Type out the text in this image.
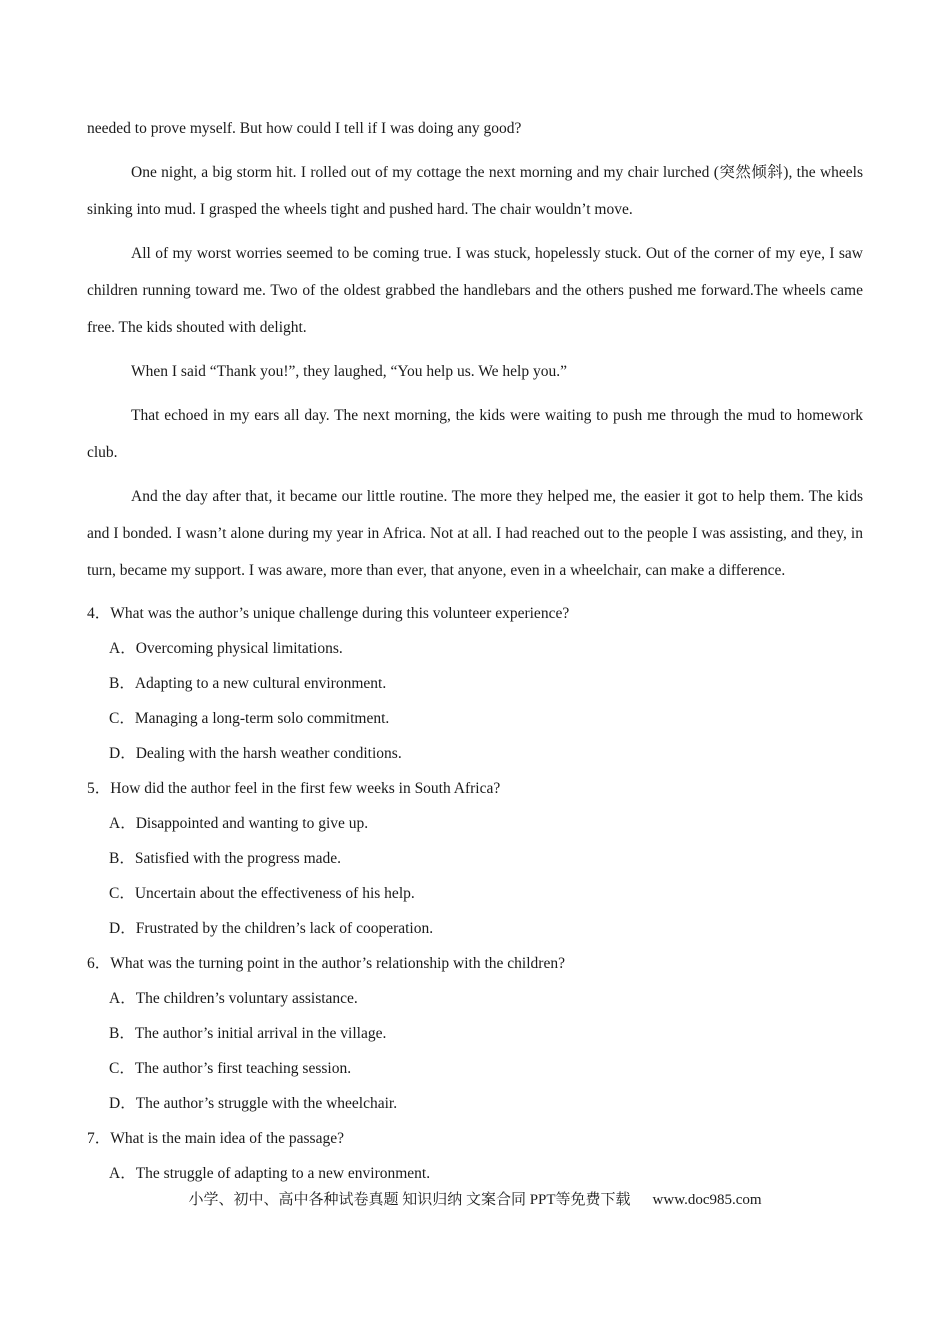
needed to prove myself. But how could I tell if I was doing any good?

One night, a big storm hit. I rolled out of my cottage the next morning and my chair lurched (突然倾斜), the wheels sinking into mud. I grasped the wheels tight and pushed hard. The chair wouldn’t move.

All of my worst worries seemed to be coming true. I was stuck, hopelessly stuck. Out of the corner of my eye, I saw children running toward me. Two of the oldest grabbed the handlebars and the others pushed me forward.The wheels came free. The kids shouted with delight.

When I said “Thank you!”, they laughed, “You help us. We help you.”

That echoed in my ears all day. The next morning, the kids were waiting to push me through the mud to homework club.

And the day after that, it became our little routine. The more they helped me, the easier it got to help them. The kids and I bonded. I wasn’t alone during my year in Africa. Not at all. I had reached out to the people I was assisting, and they, in turn, became my support. I was aware, more than ever, that anyone, even in a wheelchair, can make a difference.

4．What was the author’s unique challenge during this volunteer experience?

A．Overcoming physical limitations.

B．Adapting to a new cultural environment.

C．Managing a long-term solo commitment.

D．Dealing with the harsh weather conditions.

5．How did the author feel in the first few weeks in South Africa?

A．Disappointed and wanting to give up.

B．Satisfied with the progress made.

C．Uncertain about the effectiveness of his help.

D．Frustrated by the children’s lack of cooperation.

6．What was the turning point in the author’s relationship with the children?

A．The children’s voluntary assistance.

B．The author’s initial arrival in the village.

C．The author’s first teaching session.

D．The author’s struggle with the wheelchair.

7．What is the main idea of the passage?

A．The struggle of adapting to a new environment.

小学、初中、高中各种试卷真题 知识归纳 文案合同 PPT等免费下载 www.doc985.com
